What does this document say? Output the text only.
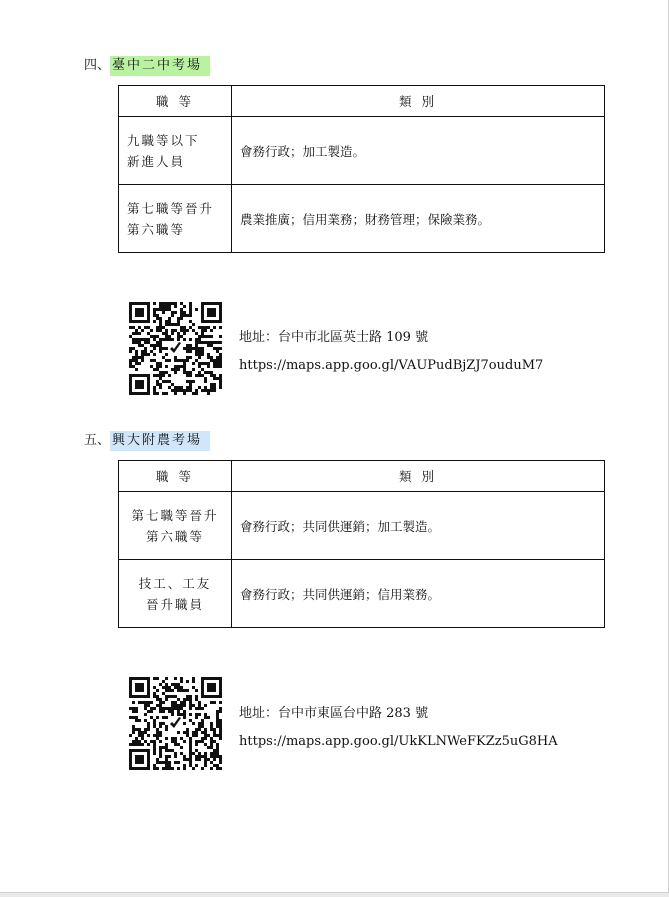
四、 臺中二中考場
職 等	類 別
九職等以下
新進人員	會務行政；加工製造。
第七職等晉升
第六職等	農業推廣；信用業務；財務管理；保險業務。
地址：台中市北區英士路 109 號
https://maps.app.goo.gl/VAUPudBjZJ7ouduM7
五、 興大附農考場
職 等	類 別
第七職等晉升
第六職等	會務行政；共同供運銷；加工製造。
技工、工友
晉升職員	會務行政；共同供運銷；信用業務。
地址：台中市東區台中路 283 號
https://maps.app.goo.gl/UkKLNWeFKZz5uG8HA
